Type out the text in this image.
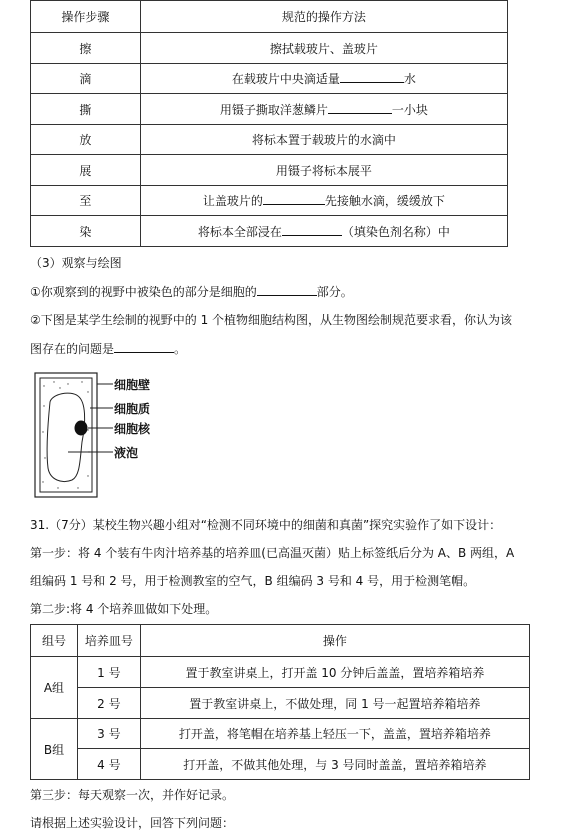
操作步骤	规范的操作方法
擦	擦拭载玻片、盖玻片
滴	在载玻片中央滴适量 水
撕	用镊子撕取洋葱鳞片 一小块
放	将标本置于载玻片的水滴中
展	用镊子将标本展平
至	让盖玻片的 先接触水滴，缓缓放下
染	将标本全部浸在 （填染色剂名称）中
（3）观察与绘图
①你观察到的视野中被染色的部分是细胞的	部分。
②下图是某学生绘制的视野中的 1 个植物细胞结构图，从生物图绘制规范要求看，你认为该
图存在的问题是	。
细胞壁
细胞质
细胞核
液泡
31.（7分）某校生物兴趣小组对“检测不同环境中的细菌和真菌”探究实验作了如下设计：
第一步：将 4 个装有牛肉汁培养基的培养皿(已高温灭菌）贴上标签纸后分为 A、B 两组，A
组编码 1 号和 2 号，用于检测教室的空气，B 组编码 3 号和 4 号，用于检测笔帽。
第二步:将 4 个培养皿做如下处理。
组号	培养皿号	操作
A组	1 号	置于教室讲桌上，打开盖 10 分钟后盖盖，置培养箱培养
	2 号	置于教室讲桌上，不做处理，同 1 号一起置培养箱培养
B组	3 号	打开盖，将笔帽在培养基上轻压一下，盖盖，置培养箱培养
	4 号	打开盖，不做其他处理，与 3 号同时盖盖，置培养箱培养
第三步：每天观察一次，并作好记录。
请根据上述实验设计，回答下列问题：
